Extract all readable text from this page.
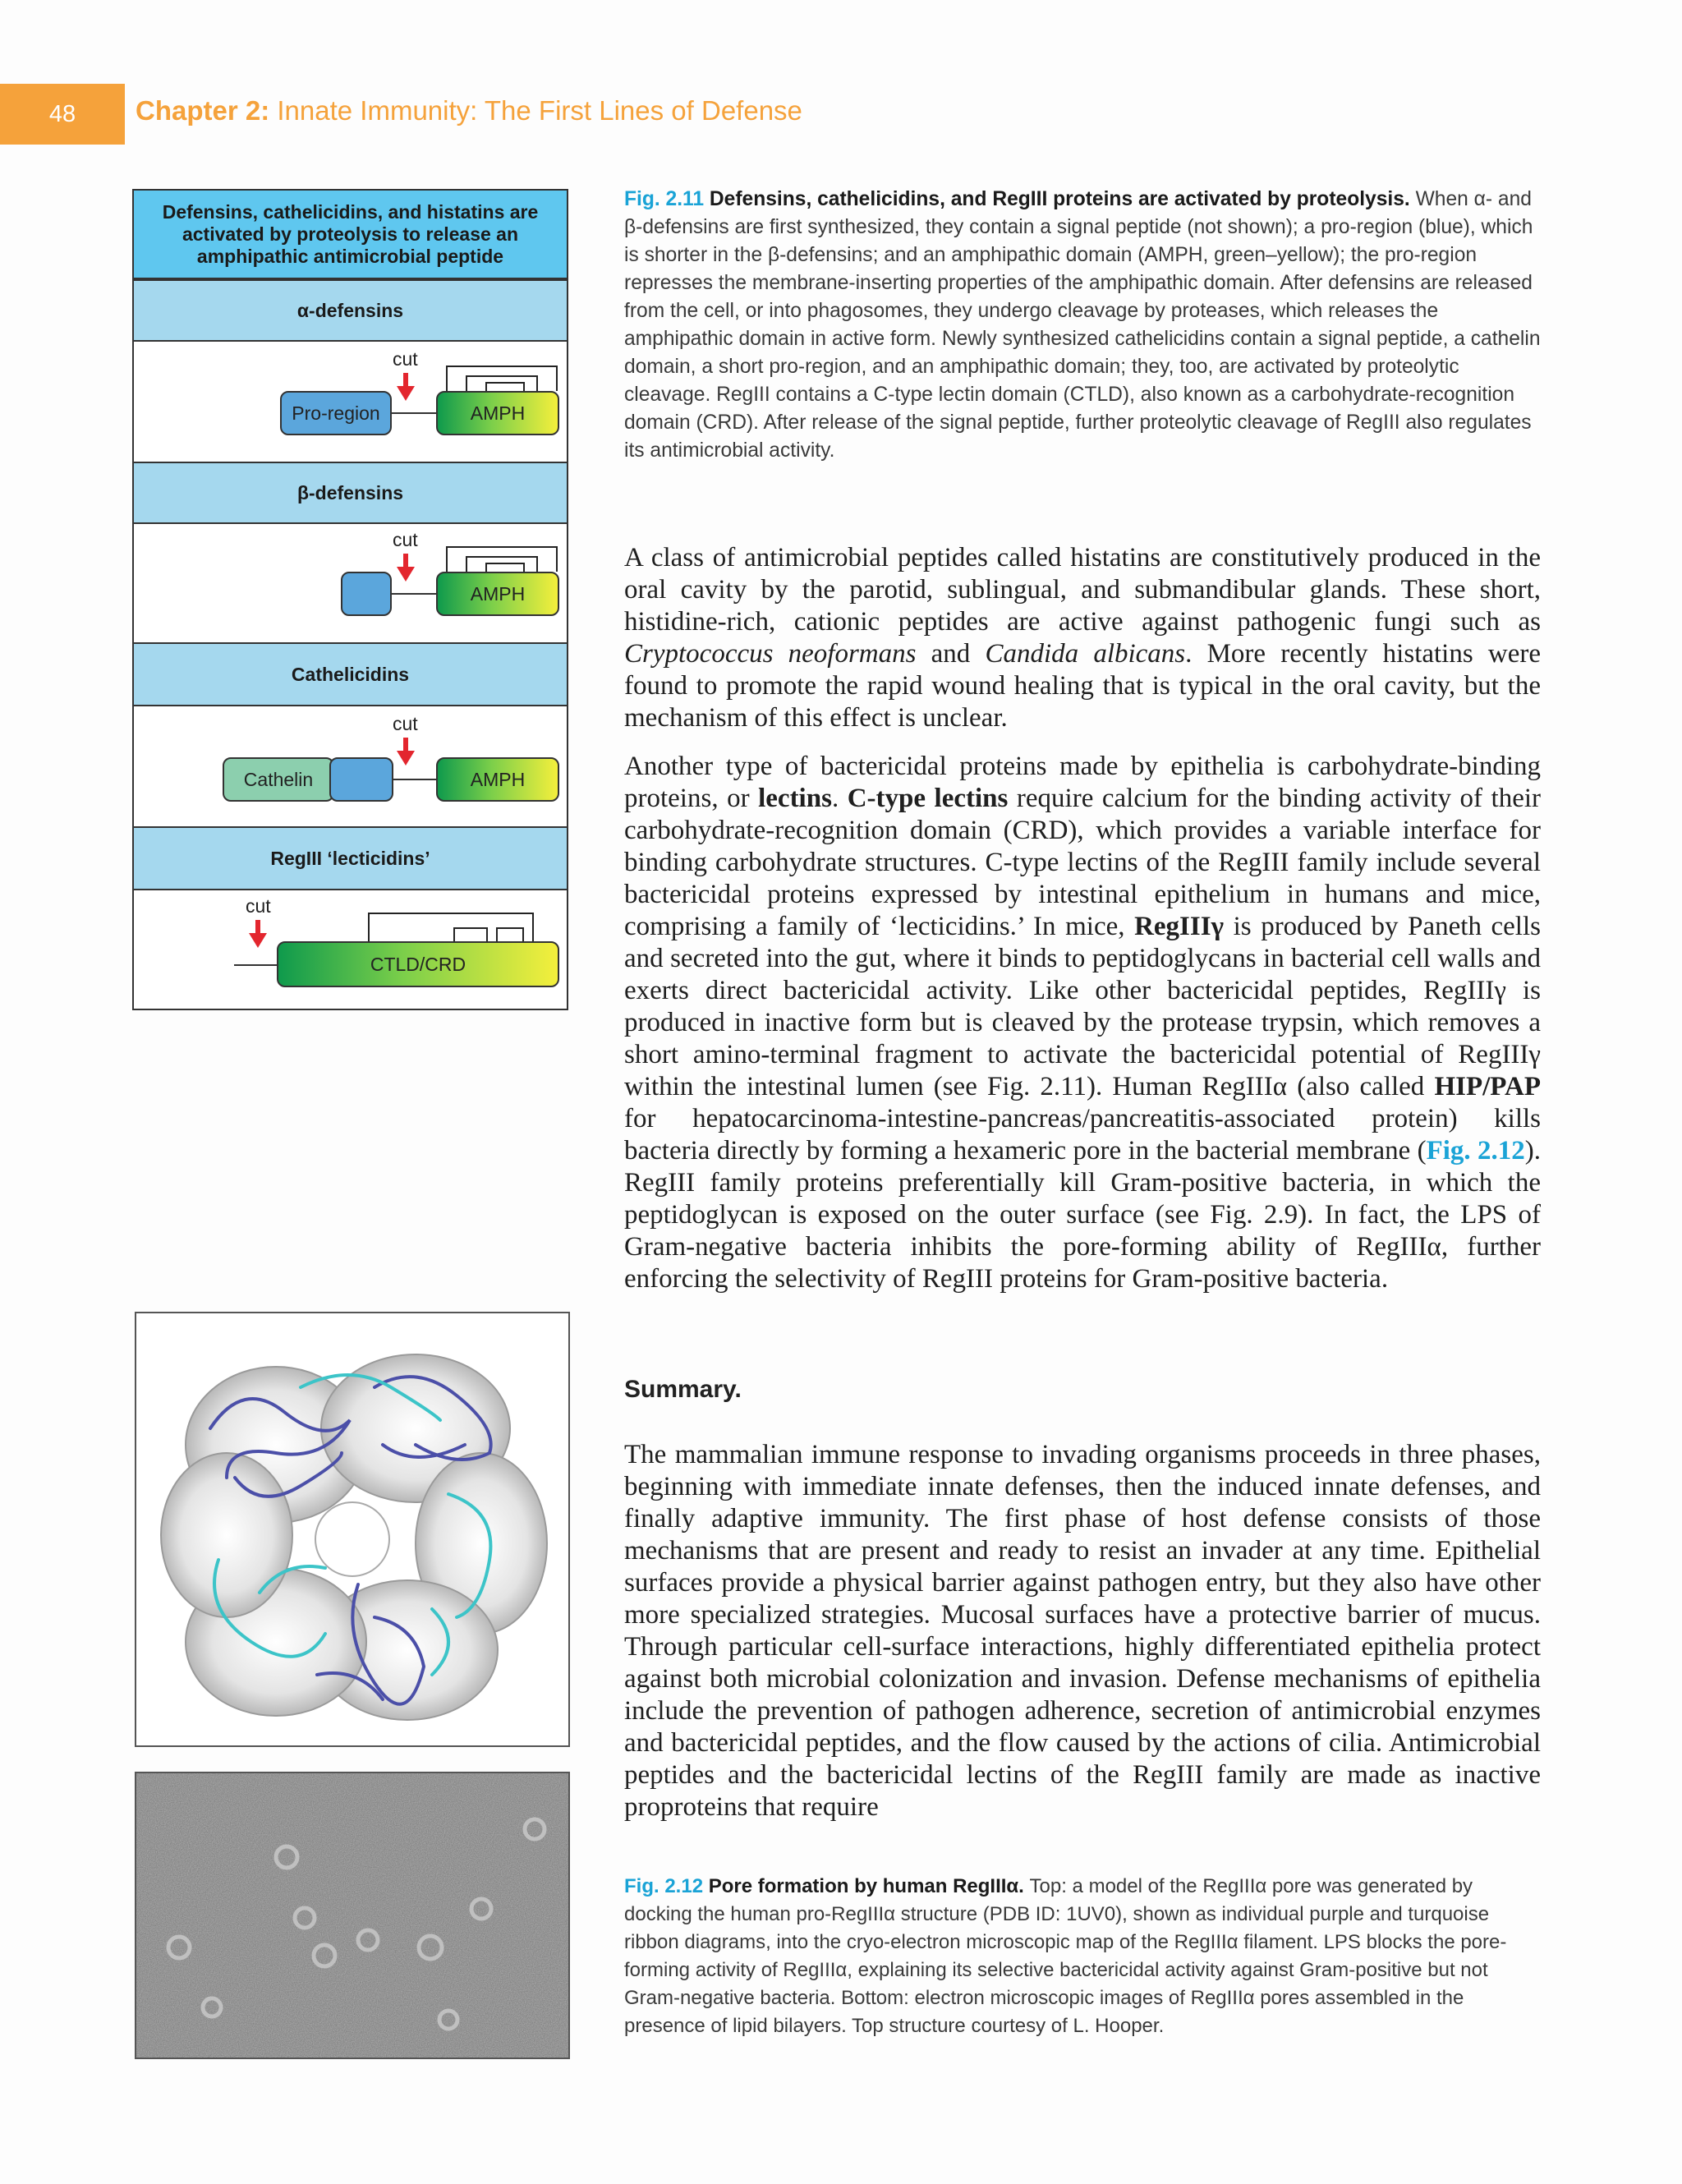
48 Chapter 2: Innate Immunity: The First Lines of Defense
Defensins, cathelicidins, and histatins are activated by proteolysis to release an amphipathic antimicrobial peptide
α-defensins
cut
Pro-region	AMPH
β-defensins
cut
AMPH
Cathelicidins
cut
Cathelin	AMPH
RegIII ‘lecticidins’
cut
CTLD/CRD
Fig. 2.11 Defensins, cathelicidins, and RegIII proteins are activated by proteolysis. When α- and β-defensins are first synthesized, they contain a signal peptide (not shown); a pro-region (blue), which is shorter in the β-defensins; and an amphipathic domain (AMPH, green–yellow); the pro-region represses the membrane-inserting properties of the amphipathic domain. After defensins are released from the cell, or into phagosomes, they undergo cleavage by proteases, which releases the amphipathic domain in active form. Newly synthesized cathelicidins contain a signal peptide, a cathelin domain, a short pro-region, and an amphipathic domain; they, too, are activated by proteolytic cleavage. RegIII contains a C-type lectin domain (CTLD), also known as a carbohydrate-recognition domain (CRD). After release of the signal peptide, further proteolytic cleavage of RegIII also regulates its antimicrobial activity.
A class of antimicrobial peptides called histatins are constitutively produced in the oral cavity by the parotid, sublingual, and submandibular glands. These short, histidine-rich, cationic peptides are active against pathogenic fungi such as Cryptococcus neoformans and Candida albicans. More recently histatins were found to promote the rapid wound healing that is typical in the oral cavity, but the mechanism of this effect is unclear.
Another type of bactericidal proteins made by epithelia is carbohydrate-binding proteins, or lectins. C-type lectins require calcium for the binding activity of their carbohydrate-recognition domain (CRD), which provides a variable interface for binding carbohydrate structures. C-type lectins of the RegIII family include several bactericidal proteins expressed by intestinal epithelium in humans and mice, comprising a family of ‘lecticidins.’ In mice, RegIIIγ is produced by Paneth cells and secreted into the gut, where it binds to peptidoglycans in bacterial cell walls and exerts direct bactericidal activity. Like other bactericidal peptides, RegIIIγ is produced in inactive form but is cleaved by the protease trypsin, which removes a short amino-terminal fragment to activate the bactericidal potential of RegIIIγ within the intestinal lumen (see Fig. 2.11). Human RegIIIα (also called HIP/PAP for hepatocarcinoma-intestine-pancreas/pancreatitis-associated protein) kills bacteria directly by forming a hexameric pore in the bacterial membrane (Fig. 2.12). RegIII family proteins preferentially kill Gram-positive bacteria, in which the peptidoglycan is exposed on the outer surface (see Fig. 2.9). In fact, the LPS of Gram-negative bacteria inhibits the pore-forming ability of RegIIIα, further enforcing the selectivity of RegIII proteins for Gram-positive bacteria.
Summary.
The mammalian immune response to invading organisms proceeds in three phases, beginning with immediate innate defenses, then the induced innate defenses, and finally adaptive immunity. The first phase of host defense consists of those mechanisms that are present and ready to resist an invader at any time. Epithelial surfaces provide a physical barrier against pathogen entry, but they also have other more specialized strategies. Mucosal surfaces have a protective barrier of mucus. Through particular cell-surface interactions, highly differentiated epithelia protect against both microbial colonization and invasion. Defense mechanisms of epithelia include the prevention of pathogen adherence, secretion of antimicrobial enzymes and bactericidal peptides, and the flow caused by the actions of cilia. Antimicrobial peptides and the bactericidal lectins of the RegIII family are made as inactive proproteins that require
Fig. 2.12 Pore formation by human RegIIIα. Top: a model of the RegIIIα pore was generated by docking the human pro-RegIIIα structure (PDB ID: 1UV0), shown as individual purple and turquoise ribbon diagrams, into the cryo-electron microscopic map of the RegIIIα filament. LPS blocks the pore-forming activity of RegIIIα, explaining its selective bactericidal activity against Gram-positive but not Gram-negative bacteria. Bottom: electron microscopic images of RegIIIα pores assembled in the presence of lipid bilayers. Top structure courtesy of L. Hooper.
